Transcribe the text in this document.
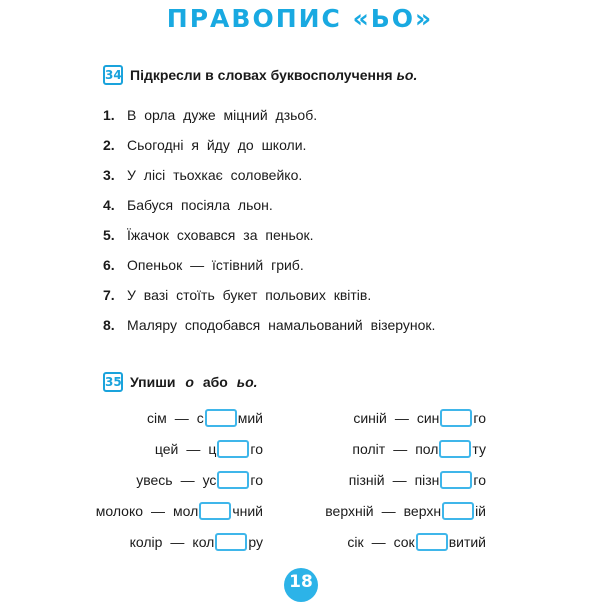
ПРАВОПИС «ЬО»
34 Підкресли в словах буквосполучення ьо.
1. В орла дуже міцний дзьоб.
2. Сьогодні я йду до школи.
3. У лісі тьохкає соловейко.
4. Бабуся посіяла льон.
5. Їжачок сховався за пеньок.
6. Опеньок — їстівний гриб.
7. У вазі стоїть букет польових квітів.
8. Маляру сподобався намальований візерунок.
35 Упиши о або ьо.
сім — с мий
цей — ц го
увесь — ус го
молоко — мол чний
колір — кол ру
синій — син го
політ — пол ту
пізній — пізн го
верхній — верхн ій
сік — сок витий
18
